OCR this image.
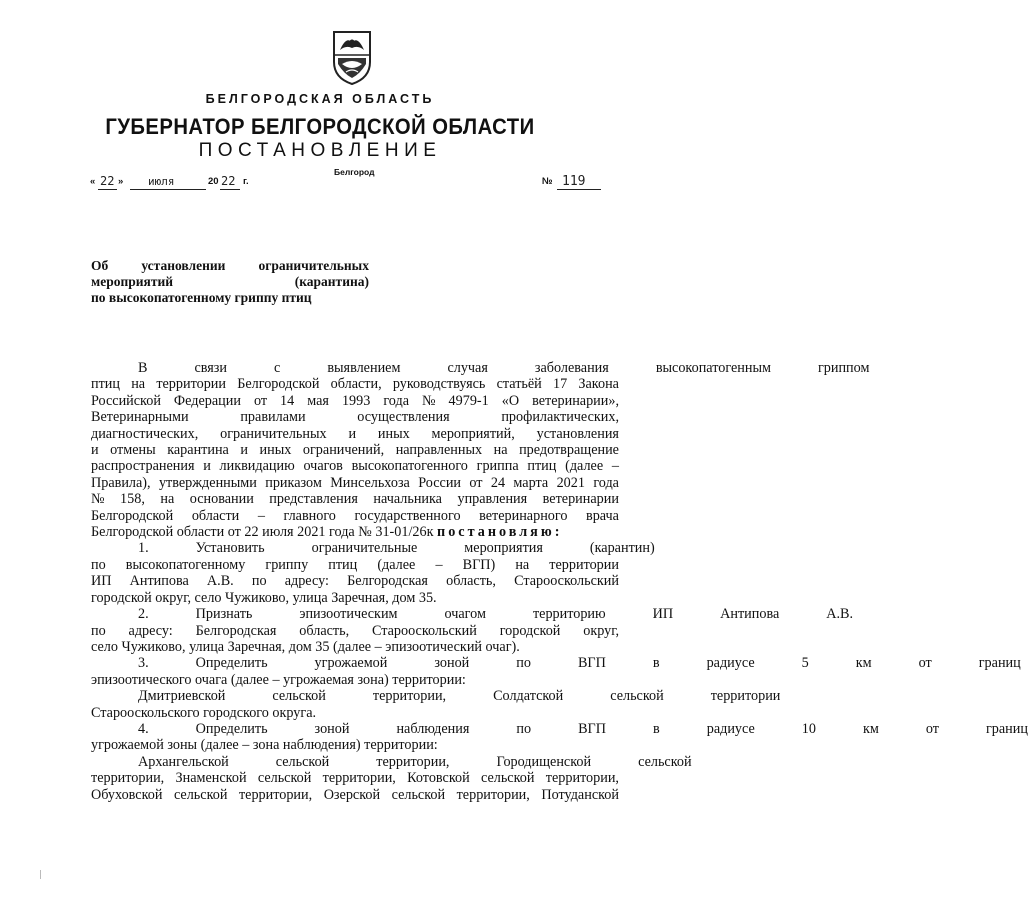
БЕЛГОРОДСКАЯ ОБЛАСТЬ
ГУБЕРНАТОР БЕЛГОРОДСКОЙ ОБЛАСТИ
ПОСТАНОВЛЕНИЕ
Белгород
« 22 » июля	20 22 г.	№ 119
Об установлении ограничительных
мероприятий	(карантина)
по высокопатогенному гриппу птиц

В	связи	с	выявлением	случая	заболевания	высокопатогенным	гриппом
птиц на территории Белгородской области, руководствуясь статьёй 17 Закона
Российской Федерации от 14 мая 1993 года № 4979-1 «О ветеринарии»,
Ветеринарными	правилами	осуществления	профилактических,
диагностических, ограничительных и иных мероприятий, установления
и отмены карантина и иных ограничений, направленных на предотвращение
распространения и ликвидацию очагов высокопатогенного гриппа птиц (далее –
Правила), утвержденными приказом Минсельхоза России от 24 марта 2021 года
№ 158, на основании представления начальника управления ветеринарии
Белгородской области – главного государственного ветеринарного врача
Белгородской области от 22 июля 2021 года № 31-01/26к постановляю:

1.	Установить	ограничительные	мероприятия	(карантин)
по высокопатогенному гриппу птиц (далее – ВГП) на территории
ИП Антипова А.В. по адресу: Белгородская область, Старооскольский
городской округ, село Чужиково, улица Заречная, дом 35.

2.	Признать	эпизоотическим	очагом	территорию	ИП	Антипова	А.В.
по адресу: Белгородская область, Старооскольский городской округ,
село Чужиково, улица Заречная, дом 35 (далее – эпизоотический очаг).

3.	Определить	угрожаемой	зоной	по	ВГП	в	радиусе	5	км	от	границ
эпизоотического очага (далее – угрожаемая зона) территории:

Дмитриевской	сельской	территории,	Солдатской	сельской	территории
Старооскольского городского округа.

4.	Определить	зоной	наблюдения	по	ВГП	в	радиусе	10	км	от	границ
угрожаемой зоны (далее – зона наблюдения) территории:

Архангельской	сельской	территории,	Городищенской	сельской
территории, Знаменской сельской территории, Котовской сельской территории,
Обуховской сельской территории, Озерской сельской территории, Потуданской
